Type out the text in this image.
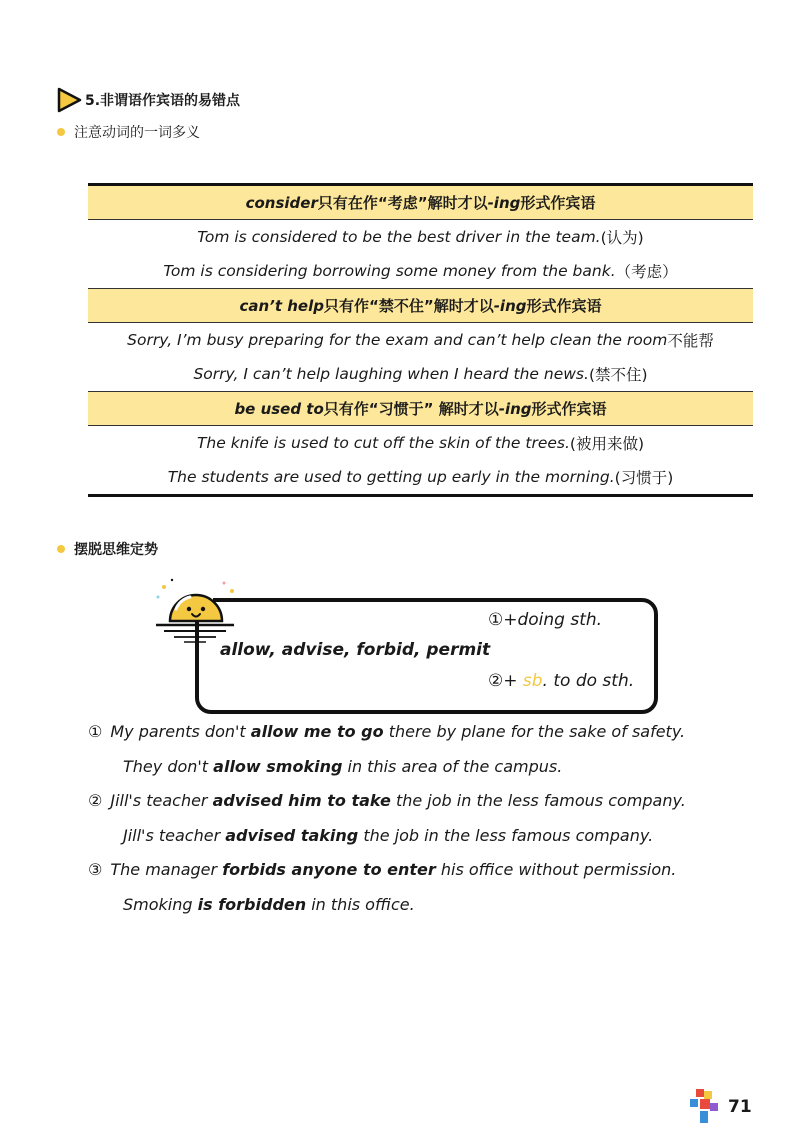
5.非谓语作宾语的易错点
注意动词的一词多义
consider 只有在作“考虑”解时才以 -ing 形式作宾语
Tom is considered to be the best driver in the team. (认为)
Tom is considering borrowing some money from the bank. （考虑）
can’t help 只有作“禁不住”解时才以 -ing 形式作宾语
Sorry, I’m busy preparing for the exam and can’t help clean the room 不能帮
Sorry, I can’t help laughing when I heard the news. (禁不住)
be used to 只有作“习惯于” 解时才以 -ing 形式作宾语
The knife is used to cut off the skin of the trees. (被用来做)
The students are used to getting up early in the morning. (习惯于)
摆脱思维定势
allow, advise, forbid, permit
①+doing sth.
②+ sb. to do sth.
① My parents don't allow me to go there by plane for the sake of safety.
They don't allow smoking in this area of the campus.
② Jill's teacher advised him to take the job in the less famous company.
Jill's teacher advised taking the job in the less famous company.
③ The manager forbids anyone to enter his office without permission.
Smoking is forbidden in this office.
71
